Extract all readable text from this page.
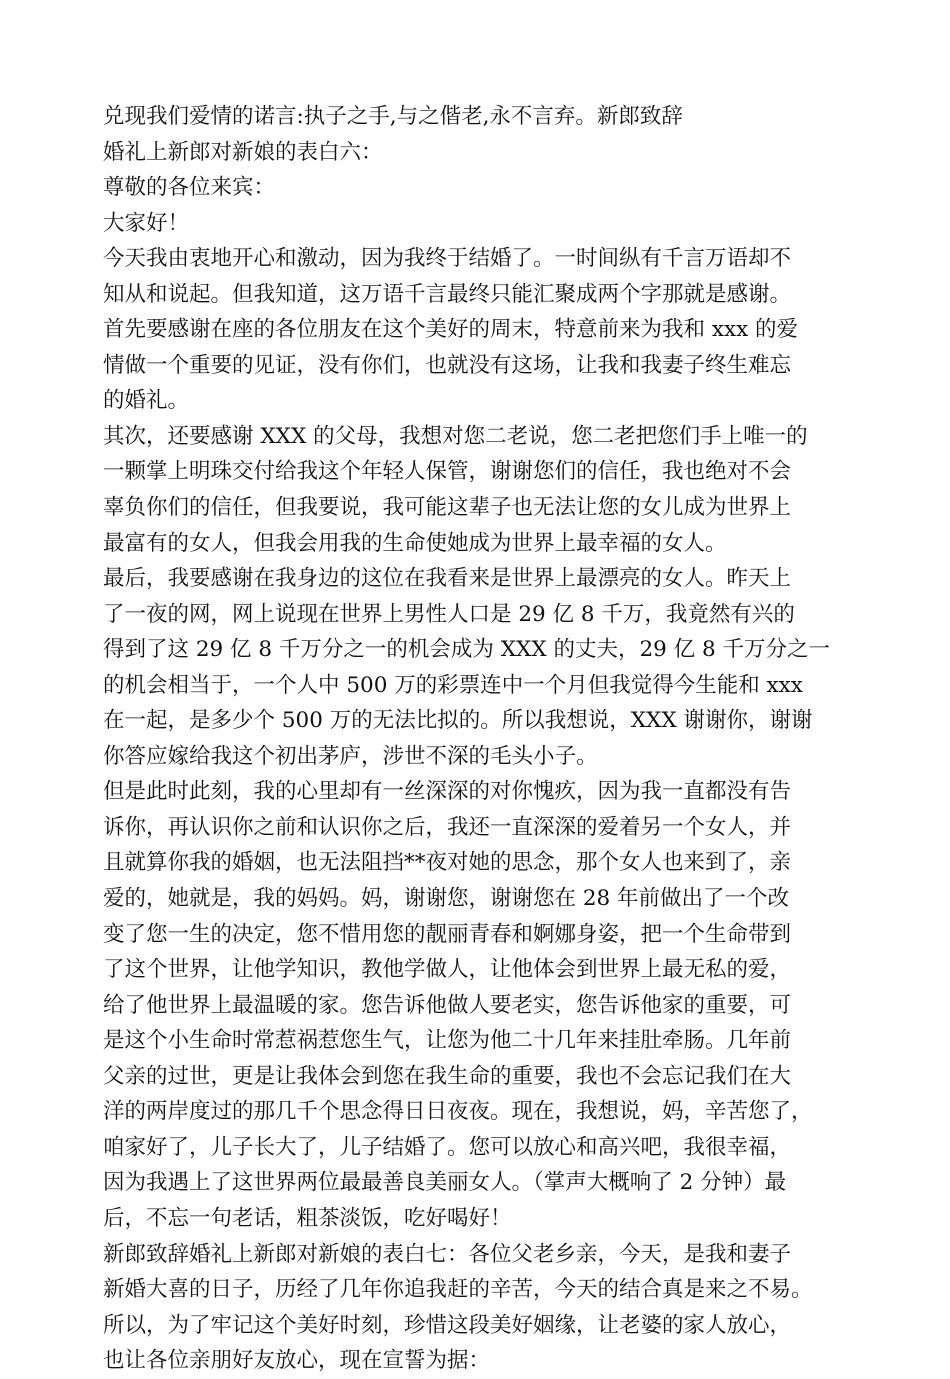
兑现我们爱情的诺言:执子之手,与之偕老,永不言弃。新郎致辞
婚礼上新郎对新娘的表白六：
尊敬的各位来宾：
大家好！
今天我由衷地开心和激动，因为我终于结婚了。一时间纵有千言万语却不
知从和说起。但我知道，这万语千言最终只能汇聚成两个字那就是感谢。
首先要感谢在座的各位朋友在这个美好的周末，特意前来为我和 xxx 的爱
情做一个重要的见证，没有你们，也就没有这场，让我和我妻子终生难忘
的婚礼。
其次，还要感谢 XXX 的父母，我想对您二老说，您二老把您们手上唯一的
一颗掌上明珠交付给我这个年轻人保管，谢谢您们的信任，我也绝对不会
辜负你们的信任，但我要说，我可能这辈子也无法让您的女儿成为世界上
最富有的女人，但我会用我的生命使她成为世界上最幸福的女人。
最后，我要感谢在我身边的这位在我看来是世界上最漂亮的女人。昨天上
了一夜的网，网上说现在世界上男性人口是 29 亿 8 千万，我竟然有兴的
得到了这 29 亿 8 千万分之一的机会成为 XXX 的丈夫，29 亿 8 千万分之一
的机会相当于，一个人中 500 万的彩票连中一个月但我觉得今生能和 xxx
在一起，是多少个 500 万的无法比拟的。所以我想说，XXX 谢谢你，谢谢
你答应嫁给我这个初出茅庐，涉世不深的毛头小子。
但是此时此刻，我的心里却有一丝深深的对你愧疚，因为我一直都没有告
诉你，再认识你之前和认识你之后，我还一直深深的爱着另一个女人，并
且就算你我的婚姻，也无法阻挡**夜对她的思念，那个女人也来到了，亲
爱的，她就是，我的妈妈。妈，谢谢您，谢谢您在 28 年前做出了一个改
变了您一生的决定，您不惜用您的靓丽青春和婀娜身姿，把一个生命带到
了这个世界，让他学知识，教他学做人，让他体会到世界上最无私的爱，
给了他世界上最温暖的家。您告诉他做人要老实，您告诉他家的重要，可
是这个小生命时常惹祸惹您生气，让您为他二十几年来挂肚牵肠。几年前
父亲的过世，更是让我体会到您在我生命的重要，我也不会忘记我们在大
洋的两岸度过的那几千个思念得日日夜夜。现在，我想说，妈，辛苦您了，
咱家好了，儿子长大了，儿子结婚了。您可以放心和高兴吧，我很幸福，
因为我遇上了这世界两位最最善良美丽女人。（掌声大概响了 2 分钟）最
后，不忘一句老话，粗茶淡饭，吃好喝好！
新郎致辞婚礼上新郎对新娘的表白七：各位父老乡亲，今天，是我和妻子
新婚大喜的日子，历经了几年你追我赶的辛苦，今天的结合真是来之不易。
所以，为了牢记这个美好时刻，珍惜这段美好姻缘，让老婆的家人放心，
也让各位亲朋好友放心，现在宣誓为据：
